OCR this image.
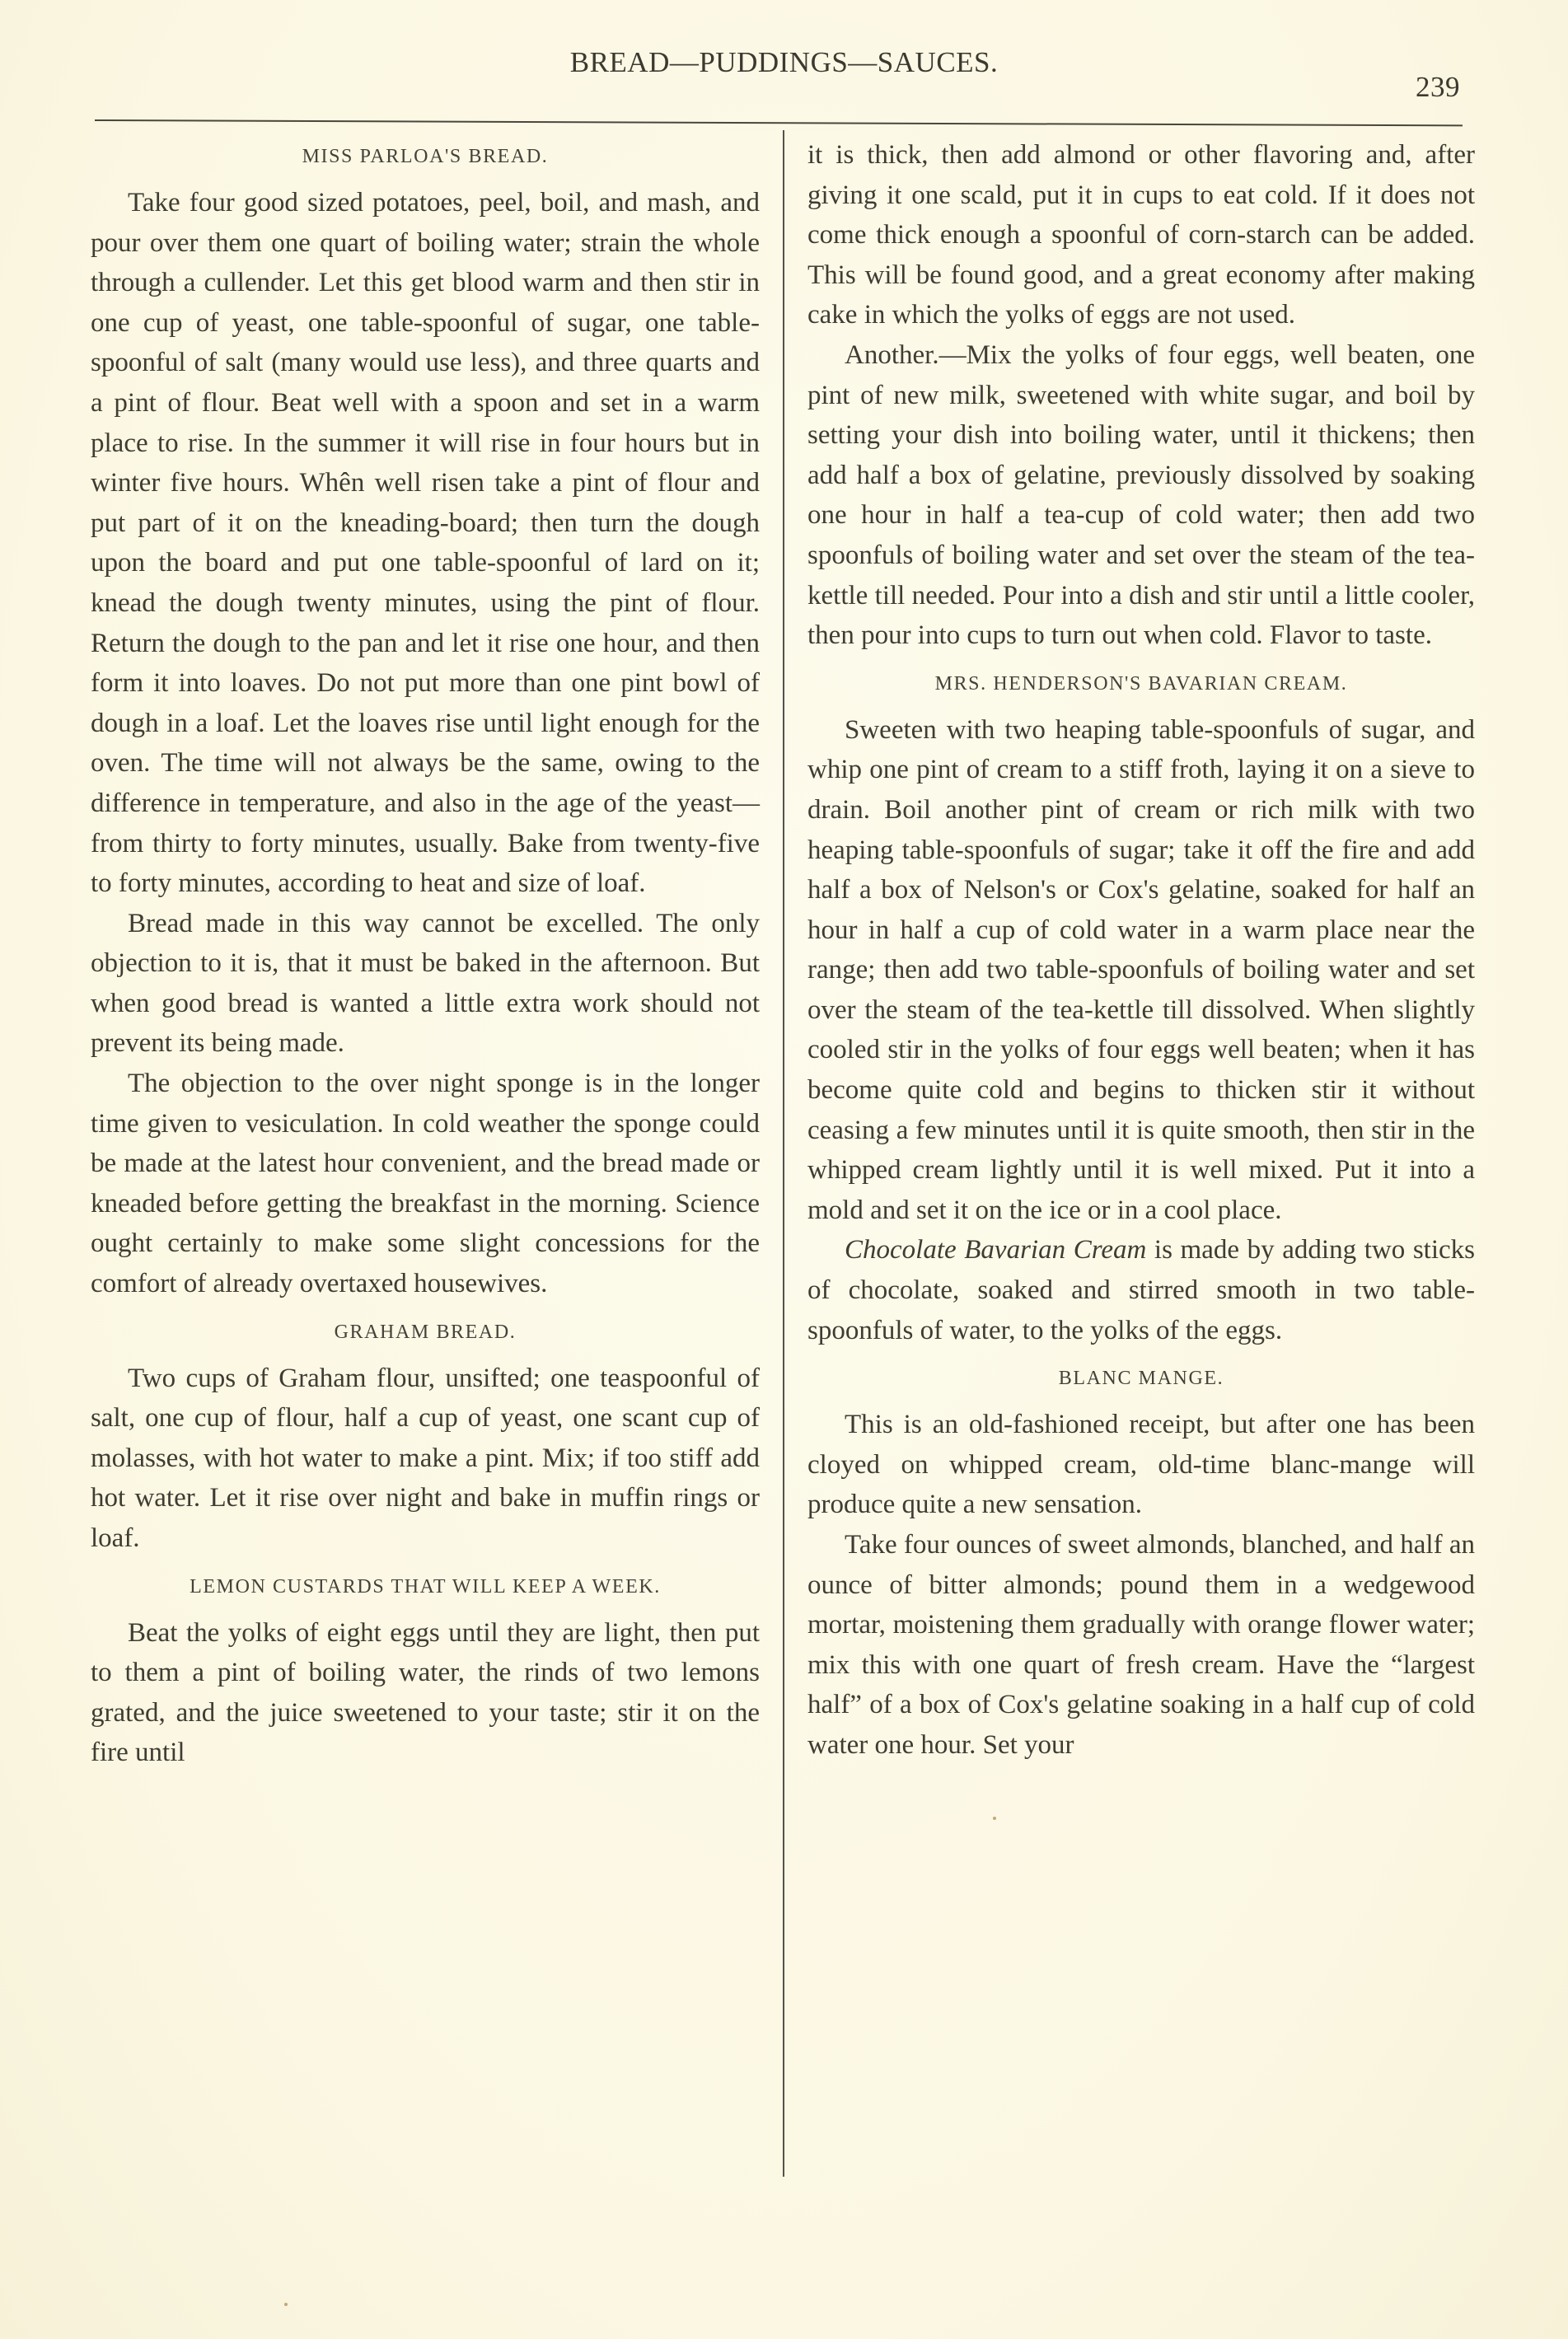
BREAD—PUDDINGS—SAUCES.
239
MISS PARLOA'S BREAD.

Take four good sized potatoes, peel, boil, and mash, and pour over them one quart of boiling water; strain the whole through a cullender. Let this get blood warm and then stir in one cup of yeast, one table-spoonful of sugar, one table-spoonful of salt (many would use less), and three quarts and a pint of flour. Beat well with a spoon and set in a warm place to rise. In the summer it will rise in four hours but in winter five hours. Whên well risen take a pint of flour and put part of it on the kneading-board; then turn the dough upon the board and put one table-spoonful of lard on it; knead the dough twenty minutes, using the pint of flour. Return the dough to the pan and let it rise one hour, and then form it into loaves. Do not put more than one pint bowl of dough in a loaf. Let the loaves rise until light enough for the oven. The time will not always be the same, owing to the difference in temperature, and also in the age of the yeast—from thirty to forty minutes, usually. Bake from twenty-five to forty minutes, according to heat and size of loaf.

Bread made in this way cannot be excelled. The only objection to it is, that it must be baked in the afternoon. But when good bread is wanted a little extra work should not prevent its being made.

The objection to the over night sponge is in the longer time given to vesiculation. In cold weather the sponge could be made at the latest hour convenient, and the bread made or kneaded before getting the breakfast in the morning. Science ought certainly to make some slight concessions for the comfort of already overtaxed housewives.

GRAHAM BREAD.

Two cups of Graham flour, unsifted; one teaspoonful of salt, one cup of flour, half a cup of yeast, one scant cup of molasses, with hot water to make a pint. Mix; if too stiff add hot water. Let it rise over night and bake in muffin rings or loaf.

LEMON CUSTARDS THAT WILL KEEP A WEEK.

Beat the yolks of eight eggs until they are light, then put to them a pint of boiling water, the rinds of two lemons grated, and the juice sweetened to your taste; stir it on the fire until

it is thick, then add almond or other flavoring and, after giving it one scald, put it in cups to eat cold. If it does not come thick enough a spoonful of corn-starch can be added. This will be found good, and a great economy after making cake in which the yolks of eggs are not used.

Another.—Mix the yolks of four eggs, well beaten, one pint of new milk, sweetened with white sugar, and boil by setting your dish into boiling water, until it thickens; then add half a box of gelatine, previously dissolved by soaking one hour in half a tea-cup of cold water; then add two spoonfuls of boiling water and set over the steam of the tea-kettle till needed. Pour into a dish and stir until a little cooler, then pour into cups to turn out when cold. Flavor to taste.

MRS. HENDERSON'S BAVARIAN CREAM.

Sweeten with two heaping table-spoonfuls of sugar, and whip one pint of cream to a stiff froth, laying it on a sieve to drain. Boil another pint of cream or rich milk with two heaping table-spoonfuls of sugar; take it off the fire and add half a box of Nelson's or Cox's gelatine, soaked for half an hour in half a cup of cold water in a warm place near the range; then add two table-spoonfuls of boiling water and set over the steam of the tea-kettle till dissolved. When slightly cooled stir in the yolks of four eggs well beaten; when it has become quite cold and begins to thicken stir it without ceasing a few minutes until it is quite smooth, then stir in the whipped cream lightly until it is well mixed. Put it into a mold and set it on the ice or in a cool place.

Chocolate Bavarian Cream is made by adding two sticks of chocolate, soaked and stirred smooth in two table-spoonfuls of water, to the yolks of the eggs.

BLANC MANGE.

This is an old-fashioned receipt, but after one has been cloyed on whipped cream, old-time blanc-mange will produce quite a new sensation.

Take four ounces of sweet almonds, blanched, and half an ounce of bitter almonds; pound them in a wedgewood mortar, moistening them gradually with orange flower water; mix this with one quart of fresh cream. Have the “largest half” of a box of Cox's gelatine soaking in a half cup of cold water one hour. Set your
